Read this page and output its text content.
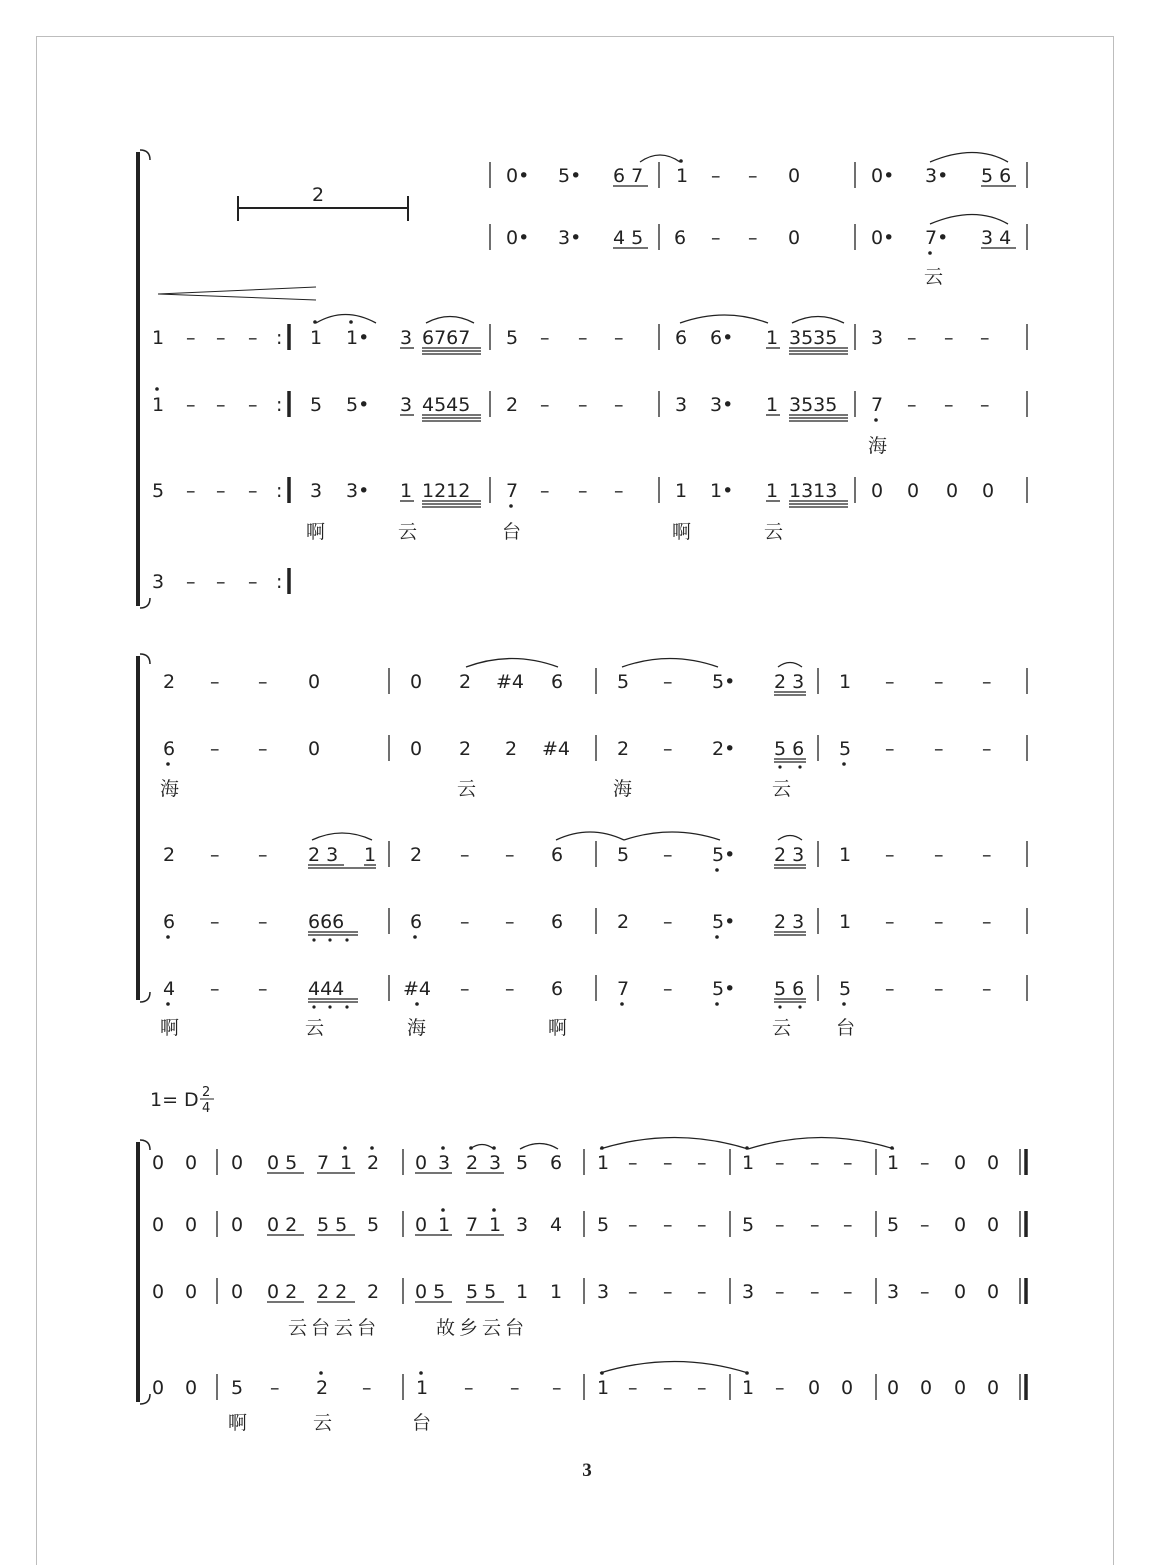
2
0• 5• 6 7 1 – – 0	0• 3• 5 6
0• 3• 4 5 6 – – 0	0• 7• 3 4
云
1 – – – : 1 1• 3 6767 5 – – –	6 6• 1 3535 3 – – –
1 – – – : 5 5• 3 4545 2 – – –	3 3• 1 3535 7 – – –
海
5 – – – : 3 3• 1 1212 7 – – –	1 1• 1 1313 0 0 0 0
啊	云	台	啊	云
3 – – – :
2 – – 0	0 2 #4 6	5 – 5• 2 3 1 – – –
6 – – 0	0 2 2 #4 2 – 2• 5 6 5 – – –
海	云	海	云
2 – – 2 3 1 2 – – 6	5 – 5• 2 3 1 – – –
6 – – 666	6 – – 6	2 – 5• 2 3 1 – – –
4 – – 444	#4 – – 6	7 – 5• 5 6 5 – – –
啊	云	海	啊	云 台
1= D 2
4
0 0 0 0 5 7 1 2 0 3 2 3 5 6 1 – – – 1 – – – 1 – 0 0
0 0 0 0 2 5 5 5 0 1 7 1 3 4 5 – – – 5 – – – 5 – 0 0
0 0 0 0 2 2 2 2 0 5 5 5 1 1 3 – – – 3 – – – 3 – 0 0
云台云台	故乡云台
0 0 5 – 2 – 1 – – – 1 – – – 1 – 0 0 0 0 0 0
啊	云	台
3
